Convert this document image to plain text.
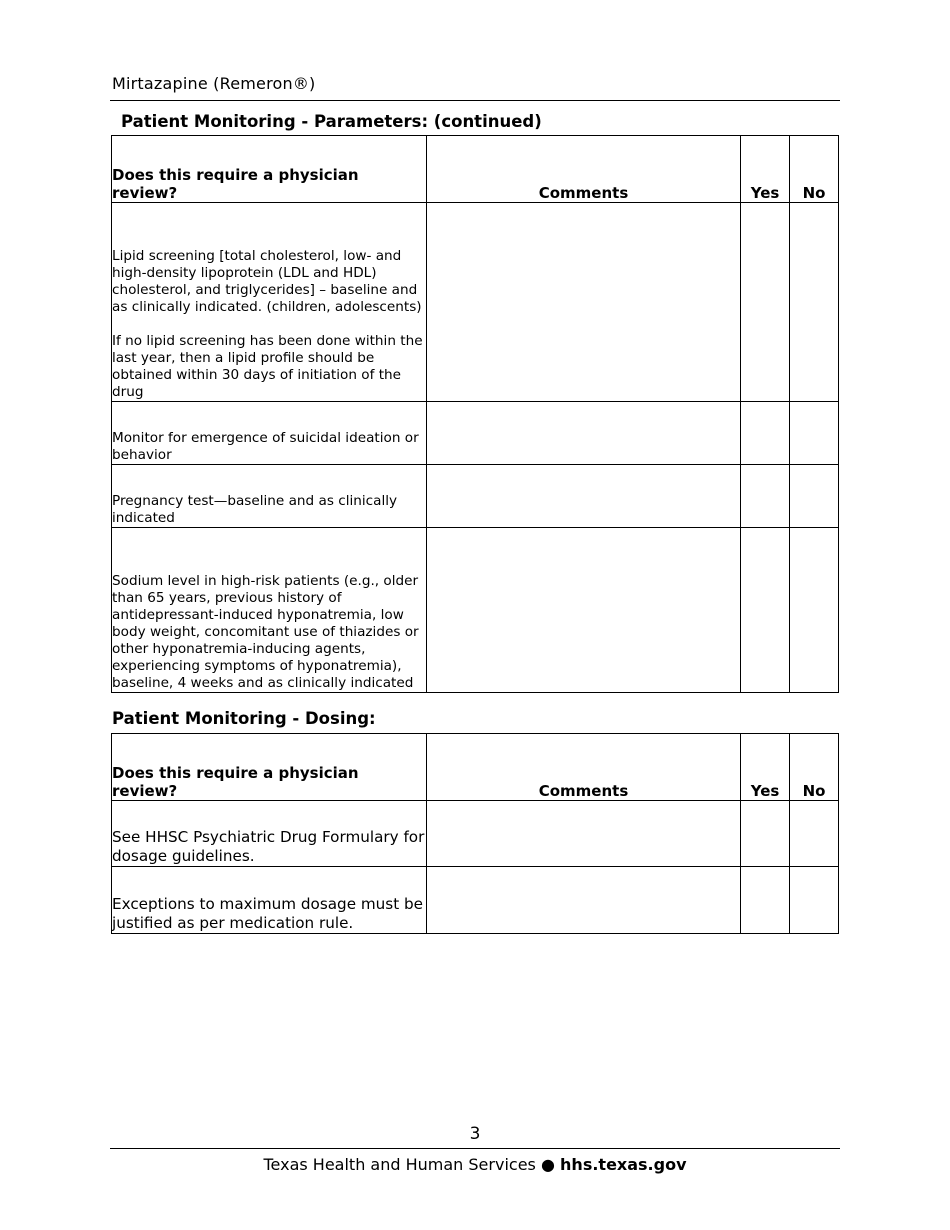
Mirtazapine (Remeron®)
Patient Monitoring - Parameters: (continued)
Does this require a physician review?	Comments	Yes	No

Lipid screening [total cholesterol, low- and high-density lipoprotein (LDL and HDL) cholesterol, and triglycerides] – baseline and as clinically indicated. (children, adolescents)
If no lipid screening has been done within the last year, then a lipid profile should be obtained within 30 days of initiation of the drug			

Monitor for emergence of suicidal ideation or behavior			

Pregnancy test—baseline and as clinically indicated			

Sodium level in high-risk patients (e.g., older than 65 years, previous history of antidepressant-induced hyponatremia, low body weight, concomitant use of thiazides or other hyponatremia-inducing agents, experiencing symptoms of hyponatremia), baseline, 4 weeks and as clinically indicated			

Patient Monitoring - Dosing:
Does this require a physician review?	Comments	Yes	No

See HHSC Psychiatric Drug Formulary for dosage guidelines.			

Exceptions to maximum dosage must be justified as per medication rule.			

3
Texas Health and Human Services ● hhs.texas.gov
